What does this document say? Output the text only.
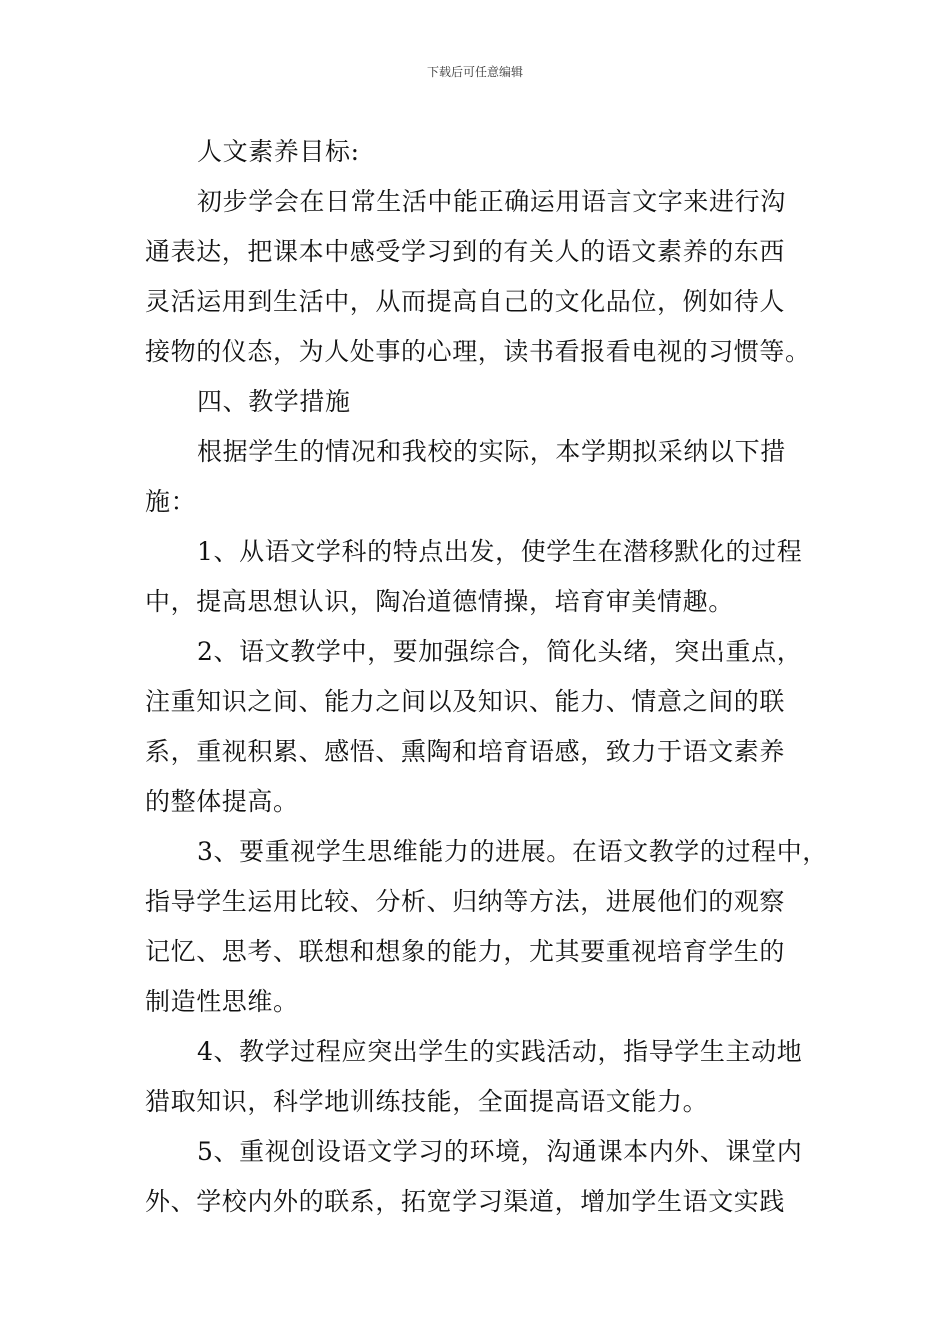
下载后可任意编辑

人文素养目标:

初步学会在日常生活中能正确运用语言文字来进行沟
通表达，把课本中感受学习到的有关人的语文素养的东西
灵活运用到生活中，从而提高自己的文化品位，例如待人
接物的仪态，为人处事的心理，读书看报看电视的习惯等。

四、教学措施

根据学生的情况和我校的实际，本学期拟采纳以下措
施：

1、从语文学科的特点出发，使学生在潜移默化的过程
中，提高思想认识，陶冶道德情操，培育审美情趣。

2、语文教学中，要加强综合，简化头绪，突出重点，
注重知识之间、能力之间以及知识、能力、情意之间的联
系，重视积累、感悟、熏陶和培育语感，致力于语文素养
的整体提高。

3、要重视学生思维能力的进展。在语文教学的过程中，
指导学生运用比较、分析、归纳等方法，进展他们的观察
记忆、思考、联想和想象的能力，尤其要重视培育学生的
制造性思维。

4、教学过程应突出学生的实践活动，指导学生主动地
猎取知识，科学地训练技能，全面提高语文能力。

5、重视创设语文学习的环境，沟通课本内外、课堂内
外、学校内外的联系，拓宽学习渠道，增加学生语文实践
